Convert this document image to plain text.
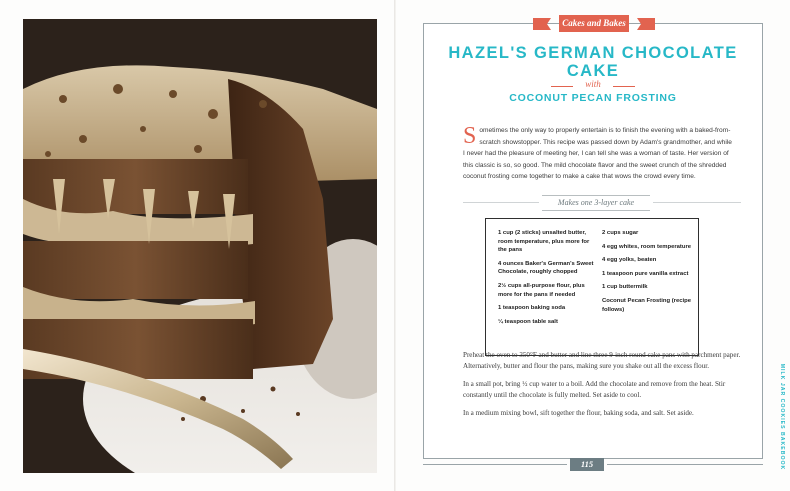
Cakes and Bakes
HAZEL'S GERMAN CHOCOLATE CAKE
with
COCONUT PECAN FROSTING
Sometimes the only way to properly entertain is to finish the evening with a baked-from-scratch showstopper. This recipe was passed down by Adam's grandmother, and while I never had the pleasure of meeting her, I can tell she was a woman of taste. Her version of this classic is so, so good. The mild chocolate flavor and the sweet crunch of the shredded coconut frosting come together to make a cake that wows the crowd every time.
Makes one 3-layer cake
1 cup (2 sticks) unsalted butter, room temperature, plus more for the pans
4 ounces Baker's German's Sweet Chocolate, roughly chopped
2½ cups all-purpose flour, plus more for the pans if needed
1 teaspoon baking soda
¼ teaspoon table salt
2 cups sugar
4 egg whites, room temperature
4 egg yolks, beaten
1 teaspoon pure vanilla extract
1 cup buttermilk
Coconut Pecan Frosting (recipe follows)

Preheat the oven to 350°F and butter and line three 9-inch round cake pans with parchment paper. Alternatively, butter and flour the pans, making sure you shake out all the excess flour.

In a small pot, bring ½ cup water to a boil. Add the chocolate and remove from the heat. Stir constantly until the chocolate is fully melted. Set aside to cool.

In a medium mixing bowl, sift together the flour, baking soda, and salt. Set aside.

115	MILK JAR COOKIES BAKEBOOK
